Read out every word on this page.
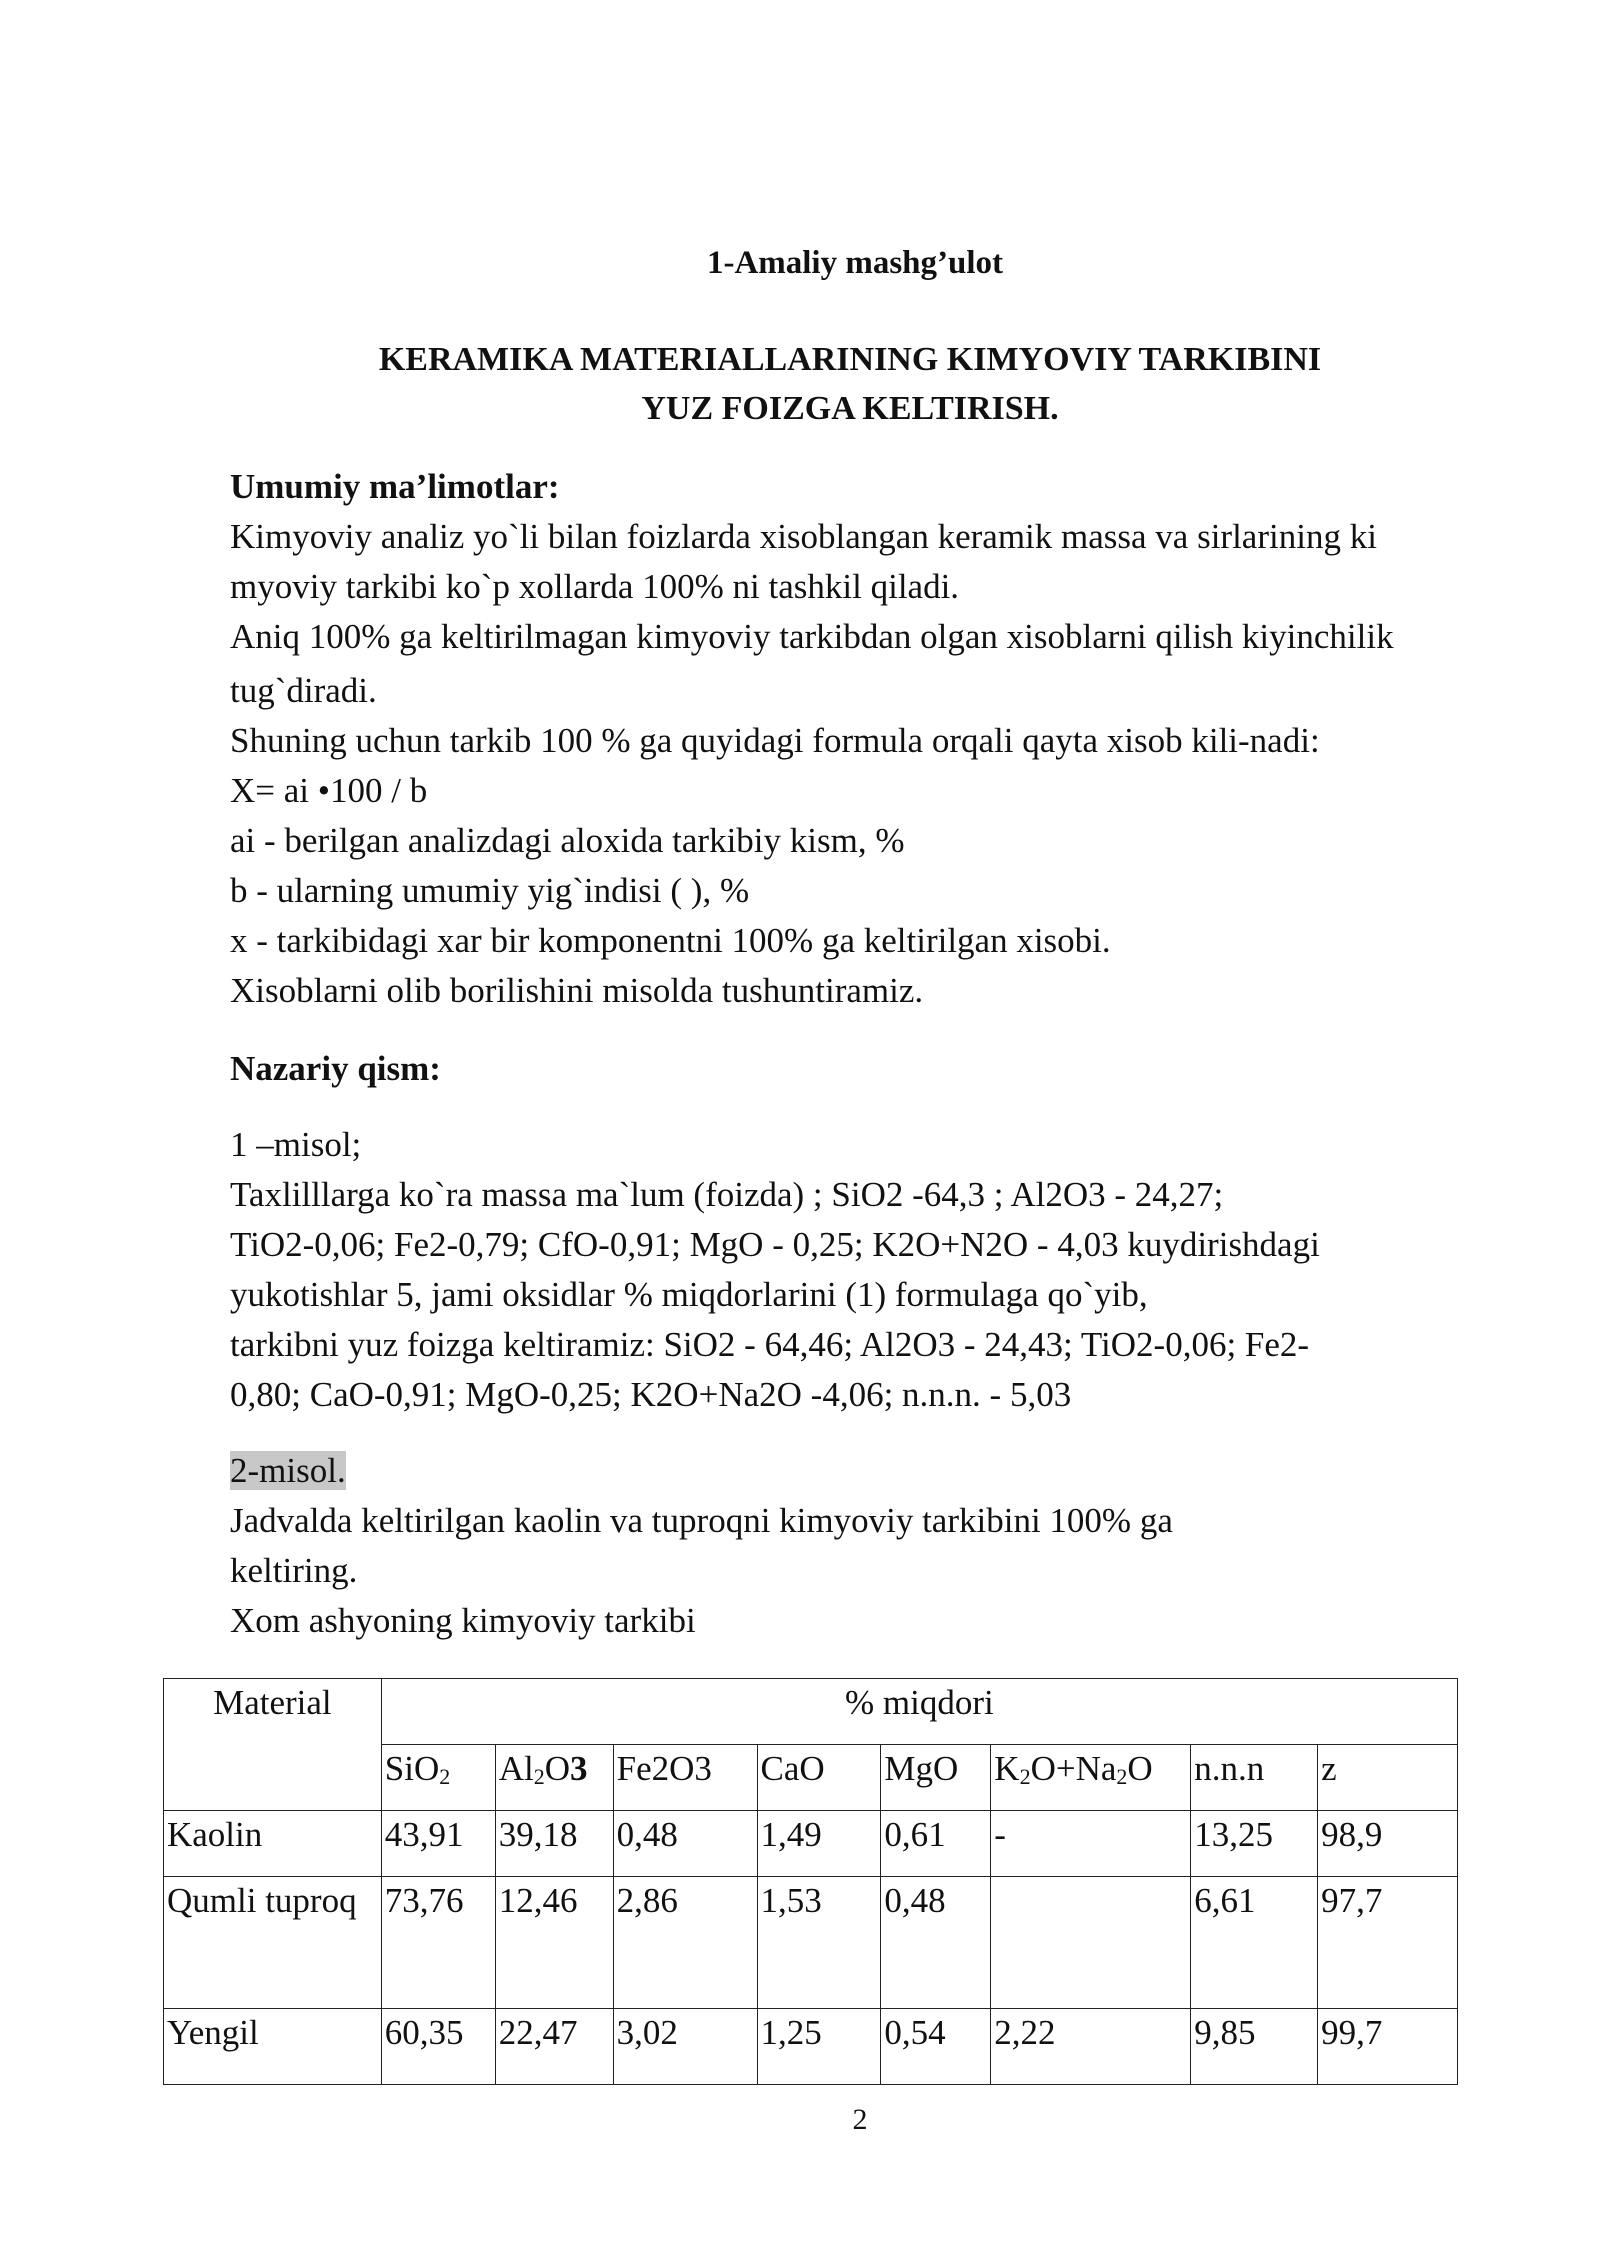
1-Amaliy mashg’ulot
KERAMIKA MATERIALLARINING KIMYOVIY TARKIBINI
YUZ FOIZGA KELTIRISH.

Umumiy ma’limotlar:

Kimyoviy analiz yo`li bilan foizlarda xisoblangan keramik massa va sirlarining ki

myoviy tarkibi ko`p xollarda 100% ni tashkil qiladi.

Aniq 100% ga keltirilmagan kimyoviy tarkibdan olgan xisoblarni qilish kiyinchilik

tug`diradi.

Shuning uchun tarkib 100 % ga quyidagi formula orqali qayta xisob kili-nadi:

X= ai •100 / b

ai - berilgan analizdagi aloxida tarkibiy kism, %

b - ularning umumiy yig`indisi ( ), %

x - tarkibidagi xar bir komponentni 100% ga keltirilgan xisobi.

Xisoblarni olib borilishini misolda tushuntiramiz.

Nazariy qism:

1 –misol;

Taxlilllarga ko`ra massa ma`lum (foizda) ; SiO2 -64,3 ; Al2O3 - 24,27;

TiO2-0,06; Fe2-0,79; CfO-0,91; MgO - 0,25; K2O+N2O - 4,03 kuydirishdagi

yukotishlar 5, jami oksidlar % miqdorlarini (1) formulaga qo`yib,

tarkibni yuz foizga keltiramiz: SiO2 - 64,46; Al2O3 - 24,43; TiO2-0,06; Fe2-

0,80; CaO-0,91; MgO-0,25; K2O+Na2O -4,06; n.n.n. - 5,03

2-misol.

Jadvalda keltirilgan kaolin va tuproqni kimyoviy tarkibini 100% ga

keltiring.

Xom ashyoning kimyoviy tarkibi

Material	% miqdori							
	SiO$_2$	$Al_2O3$	Fe2O3	CaO	MgO	$K_2O+Na_2O$	n.n.n	z
Kaolin	43,91	39,18	0,48	1,49	0,61	-	13,25	98,9
Qumli tuproq	73,76	12,46	2,86	1,53	0,48		6,61	97,7
Yengil	60,35	22,47	3,02	1,25	0,54	2,22	9,85	99,7
2
